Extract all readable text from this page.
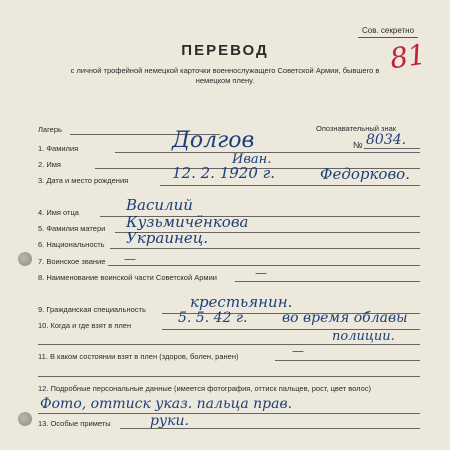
Сов. секретно
81
ПЕРЕВОД
с личной трофейной немецкой карточки военнослужащего Советской Армии, бывшего в немецком плену.
Лагерь	Опознавательный знак
№ 8034.
1. Фамилия	Долгов
2. Имя	Иван.
3. Дата и место рождения	12. 2. 1920 г.	Федорково.
4. Имя отца	Василий
5. Фамилия матери Кузьмичёнкова
6. Национальность Украинец.
7. Воинское звание —
8. Наименование воинской части Советской Армии	—
9. Гражданская специальность	крестьянин.
10. Когда и где взят в плен	5. 5. 42 г. во время облавы
полиции.
11. В каком состоянии взят в плен (здоров, болен, ранен)	—
12. Подробные персональные данные (имеется фотография, оттиск пальцев, рост, цвет волос)
Фото, оттиск указ. пальца прав.
13. Особые приметы	руки.
